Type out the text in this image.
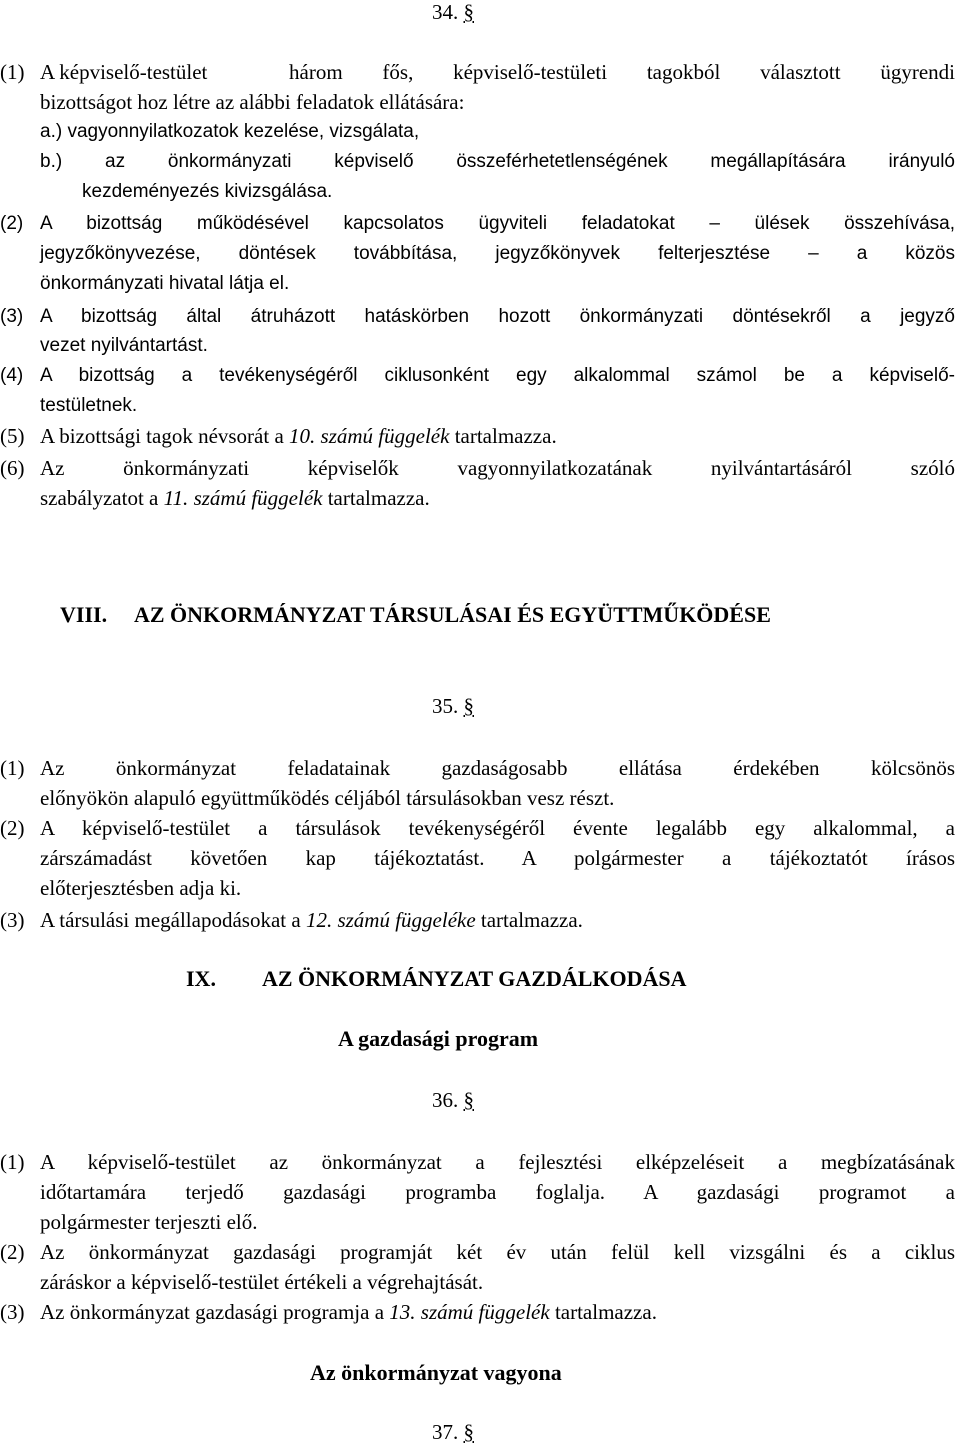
34. §
(1) A képviselő-testület	három fős, képviselő-testületi tagokból választott ügyrendi
bizottságot hoz létre az alábbi feladatok ellátására:
a.) vagyonnyilatkozatok kezelése, vizsgálata,
b.) az önkormányzati képviselő összeférhetetlenségének megállapítására irányuló
kezdeményezés kivizsgálása.
(2) A bizottság működésével kapcsolatos ügyviteli feladatokat – ülések összehívása,
jegyzőkönyvezése, döntések továbbítása, jegyzőkönyvek felterjesztése – a közös
önkormányzati hivatal látja el.
(3) A bizottság által átruházott hatáskörben hozott önkormányzati döntésekről a jegyző
vezet nyilvántartást.
(4) A bizottság a tevékenységéről ciklusonként egy alkalommal számol be a képviselő-
testületnek.
(5) A bizottsági tagok névsorát a 10. számú függelék tartalmazza.
(6) Az önkormányzati képviselők vagyonnyilatkozatának nyilvántartásáról szóló
szabályzatot a 11. számú függelék tartalmazza.
VIII. AZ ÖNKORMÁNYZAT TÁRSULÁSAI ÉS EGYÜTTMŰKÖDÉSE
35. §
(1) Az önkormányzat feladatainak gazdaságosabb ellátása érdekében kölcsönös
előnyökön alapuló együttműködés céljából társulásokban vesz részt.
(2) A képviselő-testület a társulások tevékenységéről évente legalább egy alkalommal, a
zárszámadást követően kap tájékoztatást. A polgármester a tájékoztatót írásos
előterjesztésben adja ki.
(3) A társulási megállapodásokat a 12. számú függeléke tartalmazza.
IX. AZ ÖNKORMÁNYZAT GAZDÁLKODÁSA
A gazdasági program
36. §
(1) A képviselő-testület az önkormányzat a fejlesztési elképzeléseit a megbízatásának
időtartamára terjedő gazdasági programba foglalja. A gazdasági programot a
polgármester terjeszti elő.
(2) Az önkormányzat gazdasági programját két év után felül kell vizsgálni és a ciklus
záráskor a képviselő-testület értékeli a végrehajtását.
(3) Az önkormányzat gazdasági programja a 13. számú függelék tartalmazza.
Az önkormányzat vagyona
37. §
